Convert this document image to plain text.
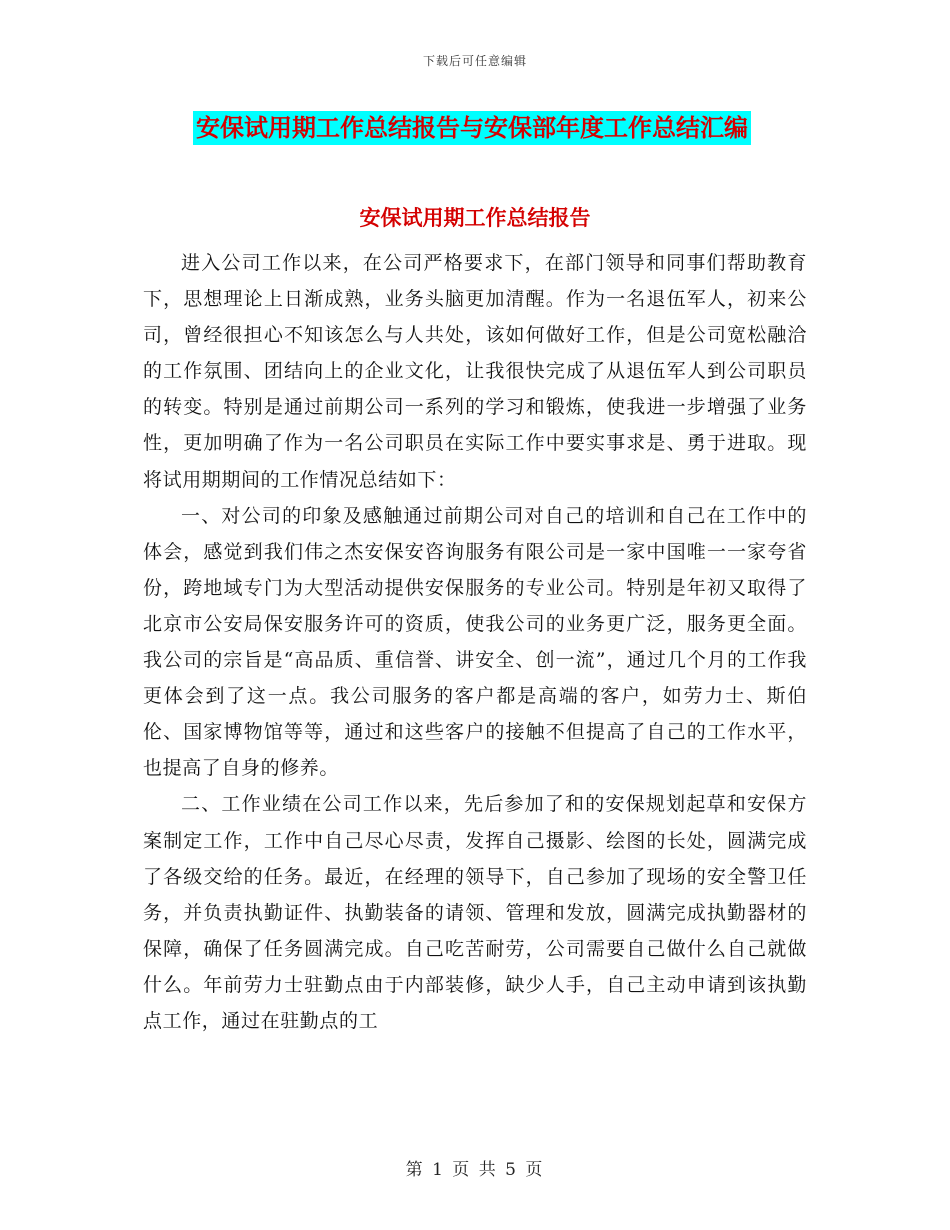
下载后可任意编辑
安保试用期工作总结报告与安保部年度工作总结汇编
安保试用期工作总结报告

进入公司工作以来，在公司严格要求下，在部门领导和同事们帮助教育下，思想理论上日渐成熟，业务头脑更加清醒。作为一名退伍军人，初来公司，曾经很担心不知该怎么与人共处，该如何做好工作，但是公司宽松融洽的工作氛围、团结向上的企业文化，让我很快完成了从退伍军人到公司职员的转变。特别是通过前期公司一系列的学习和锻炼，使我进一步增强了业务性，更加明确了作为一名公司职员在实际工作中要实事求是、勇于进取。现将试用期期间的工作情况总结如下：

一、对公司的印象及感触通过前期公司对自己的培训和自己在工作中的体会，感觉到我们伟之杰安保安咨询服务有限公司是一家中国唯一一家夸省份，跨地域专门为大型活动提供安保服务的专业公司。特别是年初又取得了北京市公安局保安服务许可的资质，使我公司的业务更广泛，服务更全面。我公司的宗旨是“高品质、重信誉、讲安全、创一流”，通过几个月的工作我更体会到了这一点。我公司服务的客户都是高端的客户，如劳力士、斯伯伦、国家博物馆等等，通过和这些客户的接触不但提高了自己的工作水平，也提高了自身的修养。

二、工作业绩在公司工作以来，先后参加了和的安保规划起草和安保方案制定工作，工作中自己尽心尽责，发挥自己摄影、绘图的长处，圆满完成了各级交给的任务。最近，在经理的领导下，自己参加了现场的安全警卫任务，并负责执勤证件、执勤装备的请领、管理和发放，圆满完成执勤器材的保障，确保了任务圆满完成。自己吃苦耐劳，公司需要自己做什么自己就做什么。年前劳力士驻勤点由于内部装修，缺少人手，自己主动申请到该执勤点工作，通过在驻勤点的工

第 1 页 共 5 页
